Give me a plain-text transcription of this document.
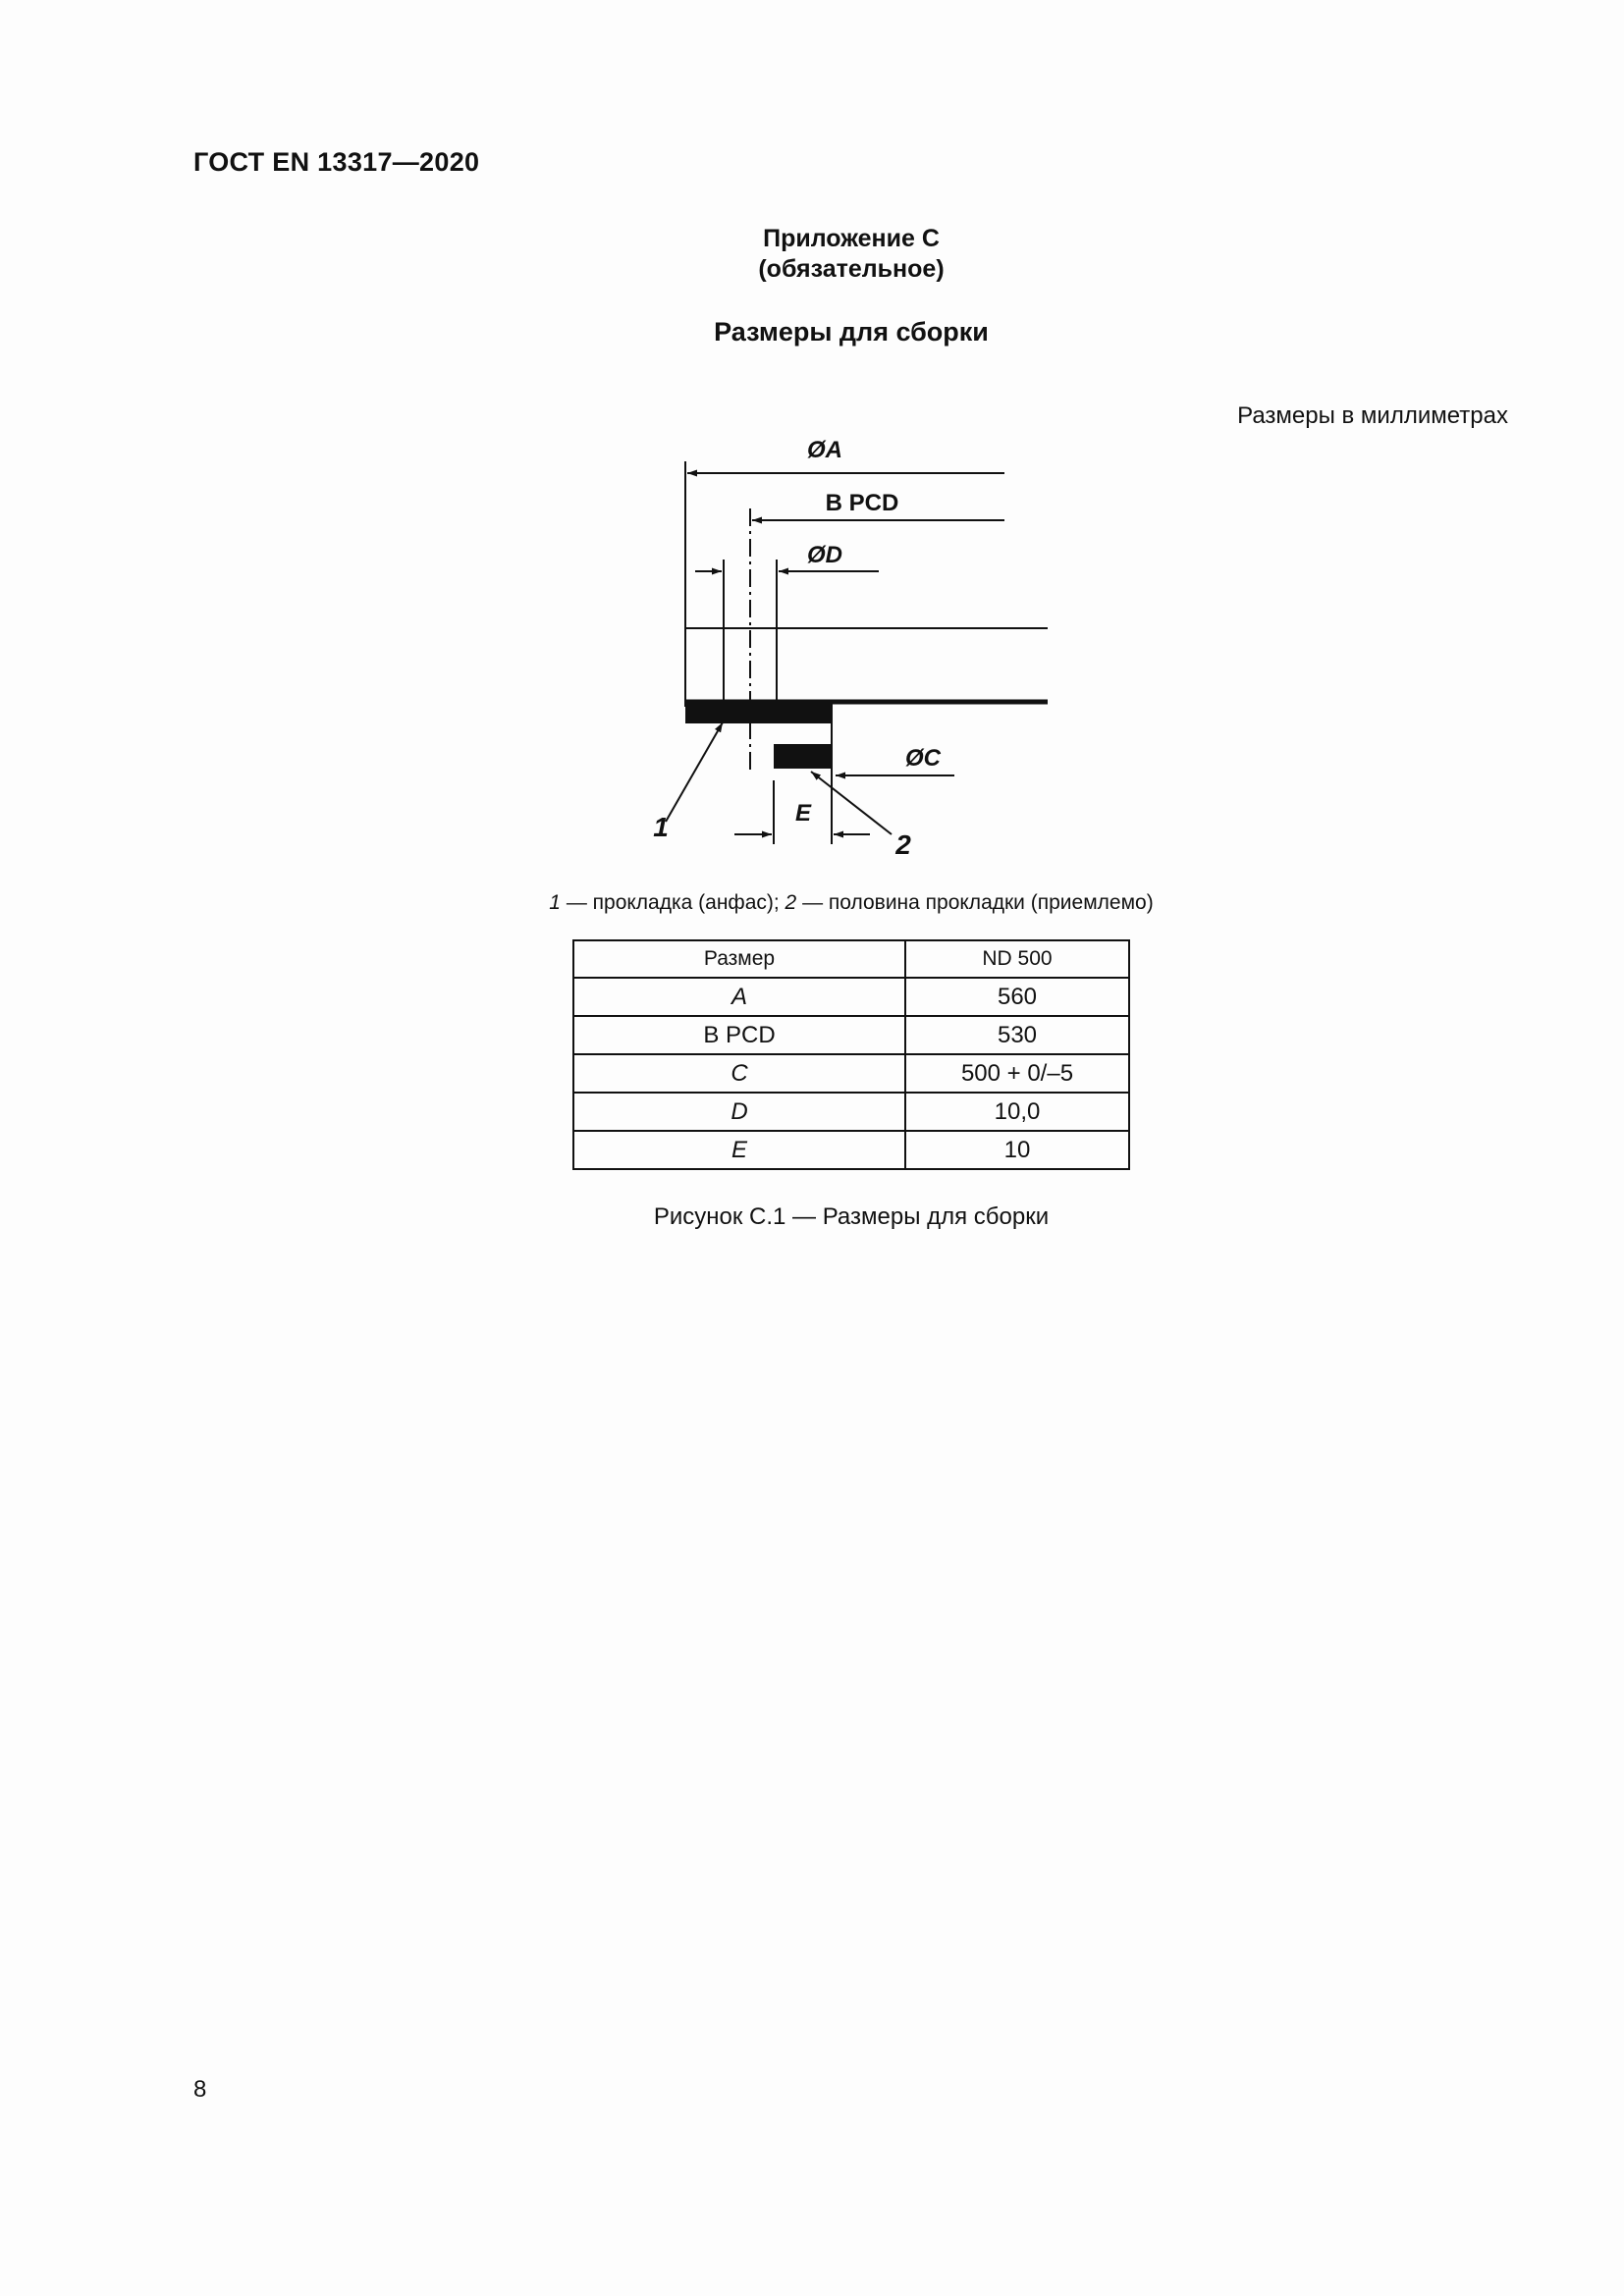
ГОСТ EN 13317—2020
Приложение С
(обязательное)
Размеры для сборки
Размеры в миллиметрах
ØA
B PCD
ØD
ØC
E
1
2
1 — прокладка (анфас); 2 — половина прокладки (приемлемо)
Размер	ND 500
A	560
B PCD	530
C	500 + 0/–5
D	10,0
E	10
Рисунок С.1 — Размеры для сборки
8
